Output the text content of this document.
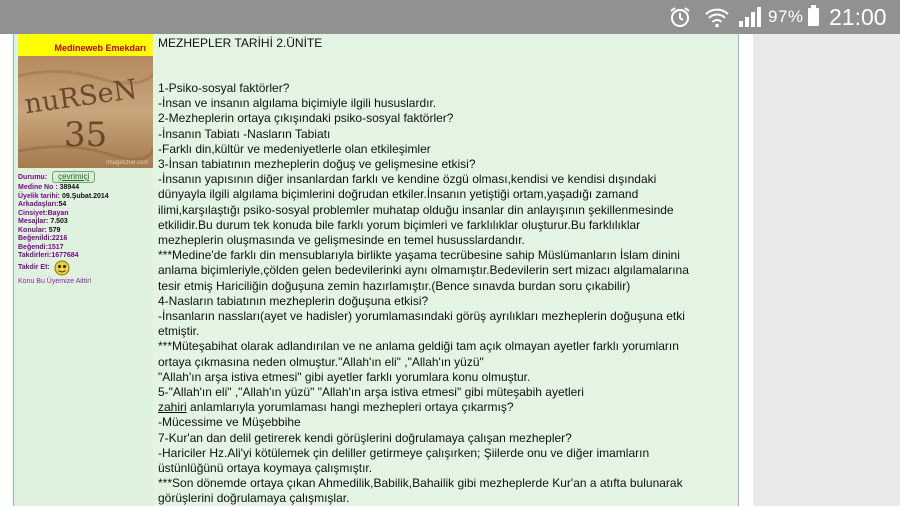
97% 21:00
Medineweb Emekdarı
nuRSeN
35
ImageChef.com
Durumu: çevrimiçi
Medine No : 38944
Üyelik tarihi: 09.Şubat.2014
Arkadaşları:54
Cinsiyet:Bayan
Mesajlar: 7.503
Konular: 579
Beğenildi:2216
Beğendi:1517
Takdirleri:1677684
Takdir Et:
Konu Bu Üyemize Aittir!
MEZHEPLER TARİHİ 2.ÜNİTE

1-Psiko-sosyal faktörler?

-İnsan ve insanın algılama biçimiyle ilgili hususlardır.

2-Mezheplerin ortaya çıkışındaki psiko-sosyal faktörler?

-İnsanın Tabiatı -Nasların Tabiatı

-Farklı din,kültür ve medeniyetlerle olan etkileşimler

3-İnsan tabiatının mezheplerin doğuş ve gelişmesine etkisi?

-İnsanın yapısının diğer insanlardan farklı ve kendine özgü olması,kendisi ve kendisi dışındaki

dünyayla ilgili algılama biçimlerini doğrudan etkiler.İnsanın yetiştiği ortam,yaşadığı zamand

ilimi,karşılaştığı psiko-sosyal problemler muhatap olduğu insanlar din anlayışının şekillenmesinde

etkilidir.Bu durum tek konuda bile farklı yorum biçimleri ve farklılıklar oluşturur.Bu farklılıklar

mezheplerin oluşmasında ve gelişmesinde en temel hususslardandır.

***Medine'de farklı din mensublarıyla birlikte yaşama tecrübesine sahip Müslümanların İslam dinini

anlama biçimleriyle,çölden gelen bedevilerinki aynı olmamıştır.Bedevilerin sert mizacı algılamalarına

tesir etmiş Hariciliğin doğuşuna zemin hazırlamıştır.(Bence sınavda burdan soru çıkabilir)

4-Nasların tabiatının mezheplerin doğuşuna etkisi?

-İnsanların nassları(ayet ve hadisler) yorumlamasındaki görüş ayrılıkları mezheplerin doğuşuna etki

etmiştir.

***Müteşabihat olarak adlandırılan ve ne anlama geldiği tam açık olmayan ayetler farklı yorumların

ortaya çıkmasına neden olmuştur."Allah'ın eli" ,"Allah'ın yüzü"

"Allah'ın arşa istiva etmesi" gibi ayetler farklı yorumlara konu olmuştur.

5-"Allah'ın eli" ,"Allah'ın yüzü" "Allah'ın arşa istiva etmesi" gibi müteşabih ayetleri

zahiri anlamlarıyla yorumlaması hangi mezhepleri ortaya çıkarmış?

-Mücessime ve Müşebbihe

7-Kur'an dan delil getirerek kendi görüşlerini doğrulamaya çalışan mezhepler?

-Hariciler Hz.Ali'yi kötülemek çin deliller getirmeye çalışırken; Şiilerde onu ve diğer imamların

üstünlüğünü ortaya koymaya çalışmıştır.

***Son dönemde ortaya çıkan Ahmedilik,Babilik,Bahailik gibi mezheplerde Kur'an a atıfta bulunarak

görüşlerini doğrulamaya çalışmışlar.
